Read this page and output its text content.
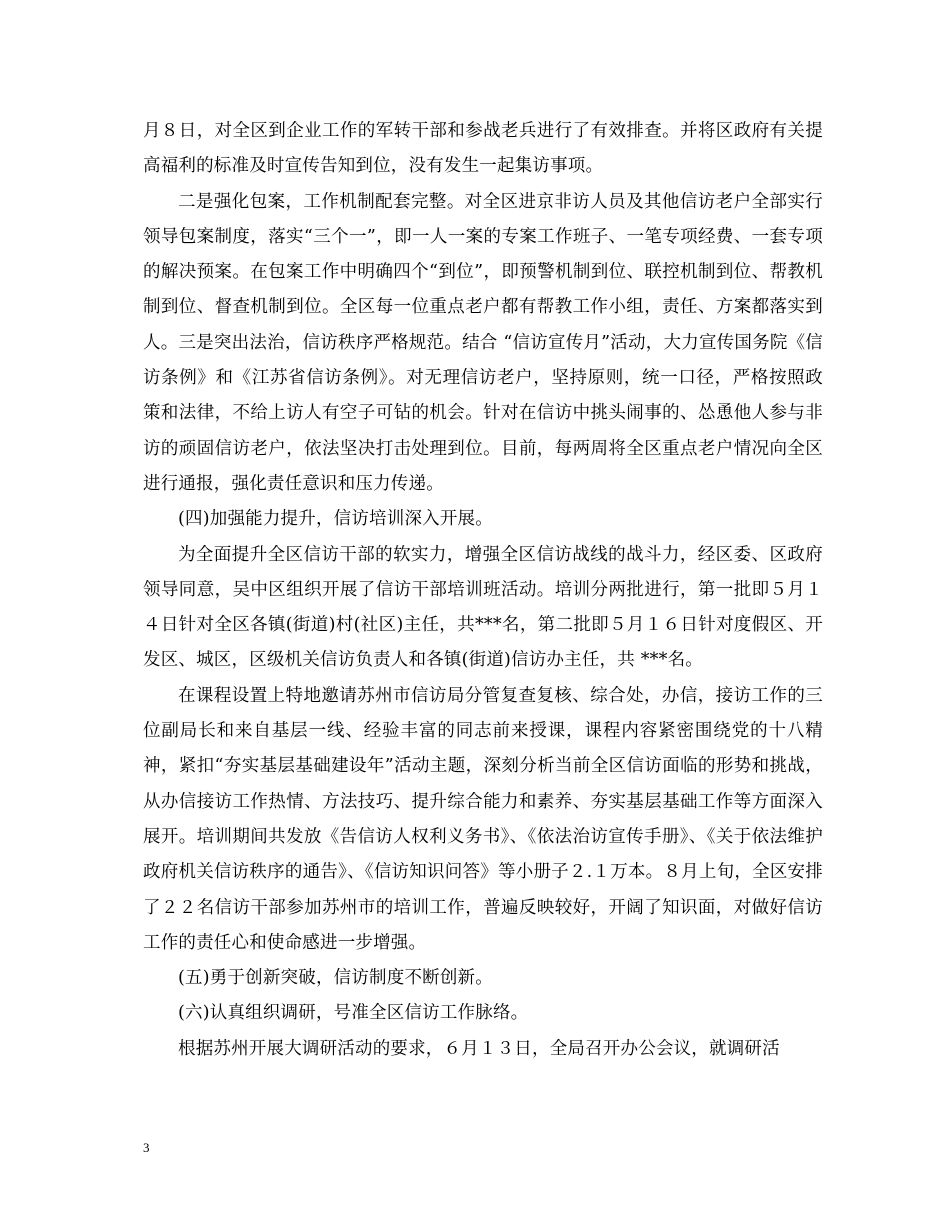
月８日，对全区到企业工作的军转干部和参战老兵进行了有效排查。并将区政府有关提高福利的标准及时宣传告知到位，没有发生一起集访事项。

二是强化包案，工作机制配套完整。对全区进京非访人员及其他信访老户全部实行领导包案制度，落实“三个一”，即一人一案的专案工作班子、一笔专项经费、一套专项的解决预案。在包案工作中明确四个“到位”，即预警机制到位、联控机制到位、帮教机制到位、督查机制到位。全区每一位重点老户都有帮教工作小组，责任、方案都落实到人。三是突出法治，信访秩序严格规范。结合 “信访宣传月”活动，大力宣传国务院《信访条例》和《江苏省信访条例》。对无理信访老户，坚持原则，统一口径，严格按照政策和法律，不给上访人有空子可钻的机会。针对在信访中挑头闹事的、怂恿他人参与非访的顽固信访老户，依法坚决打击处理到位。目前，每两周将全区重点老户情况向全区进行通报，强化责任意识和压力传递。

(四)加强能力提升，信访培训深入开展。

为全面提升全区信访干部的软实力，增强全区信访战线的战斗力，经区委、区政府领导同意，吴中区组织开展了信访干部培训班活动。培训分两批进行，第一批即５月１４日针对全区各镇(街道)村(社区)主任，共***名，第二批即５月１６日针对度假区、开发区、城区，区级机关信访负责人和各镇(街道)信访办主任，共 ***名。

在课程设置上特地邀请苏州市信访局分管复查复核、综合处，办信，接访工作的三位副局长和来自基层一线、经验丰富的同志前来授课，课程内容紧密围绕党的十八精神，紧扣“夯实基层基础建设年”活动主题，深刻分析当前全区信访面临的形势和挑战，从办信接访工作热情、方法技巧、提升综合能力和素养、夯实基层基础工作等方面深入展开。培训期间共发放《告信访人权利义务书》、《依法治访宣传手册》、《关于依法维护政府机关信访秩序的通告》、《信访知识问答》等小册子２.１万本。８月上旬，全区安排了２２名信访干部参加苏州市的培训工作，普遍反映较好，开阔了知识面，对做好信访工作的责任心和使命感进一步增强。

(五)勇于创新突破，信访制度不断创新。

(六)认真组织调研，号准全区信访工作脉络。

根据苏州开展大调研活动的要求，６月１３日，全局召开办公会议，就调研活

3
